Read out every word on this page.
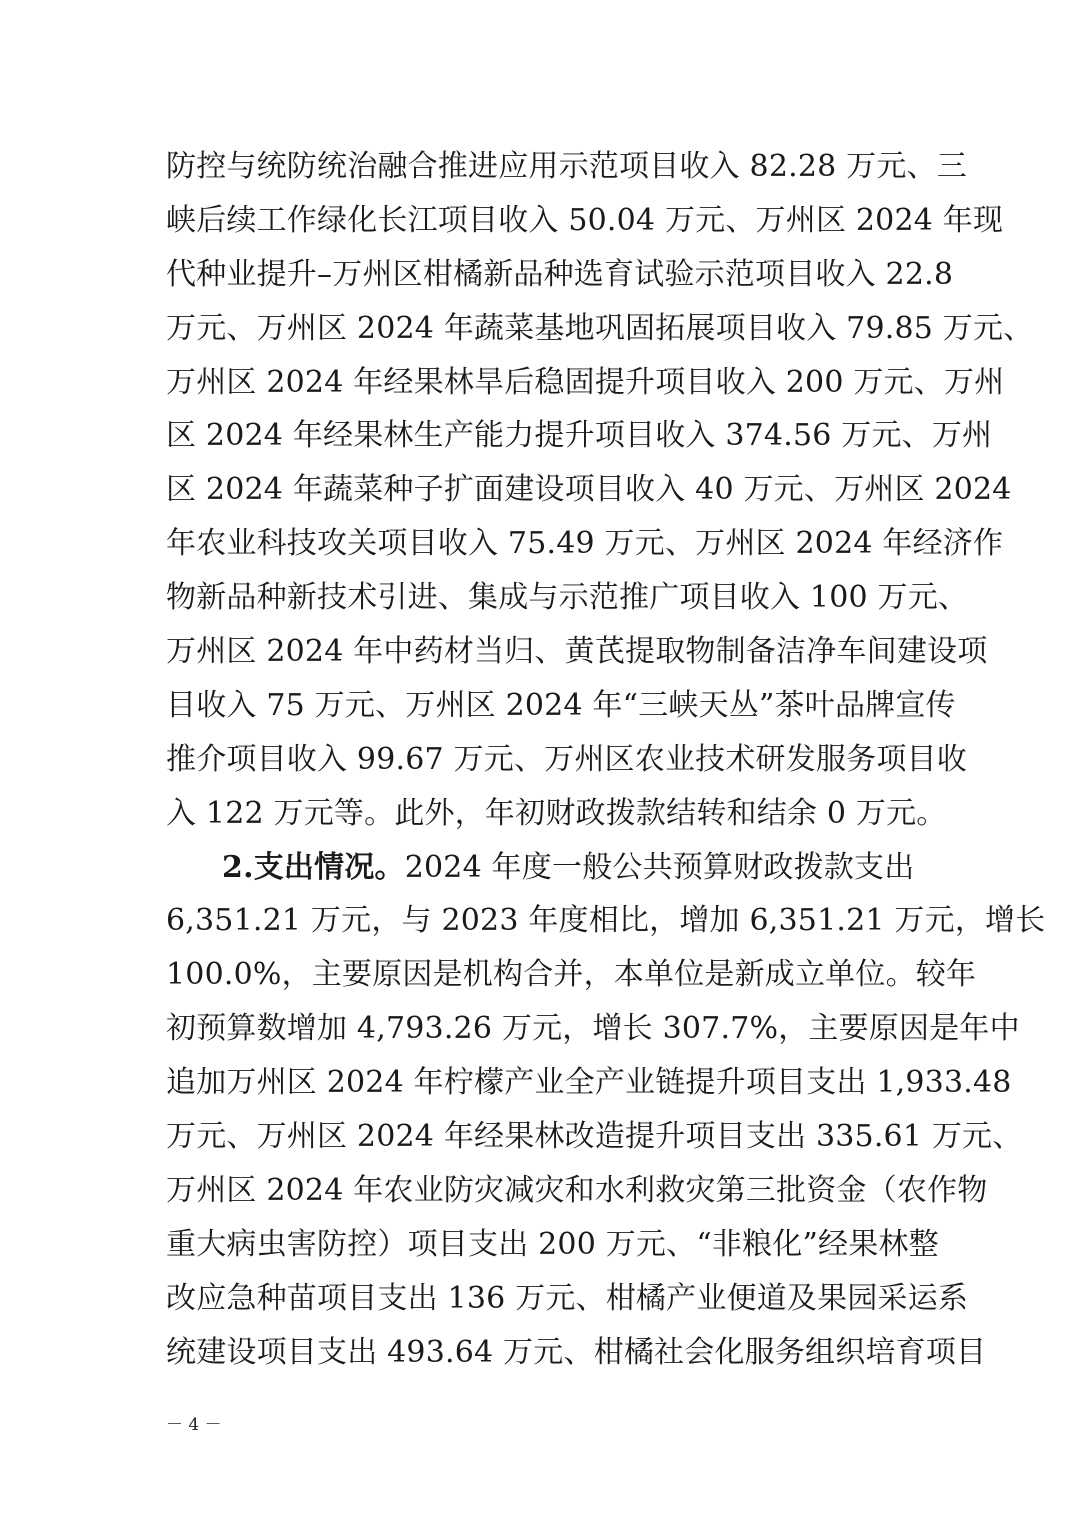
防控与统防统治融合推进应用示范项目收入 82.28 万元、三
峡后续工作绿化长江项目收入 50.04 万元、万州区 2024 年现
代种业提升–万州区柑橘新品种选育试验示范项目收入 22.8
万元、万州区 2024 年蔬菜基地巩固拓展项目收入 79.85 万元、
万州区 2024 年经果林旱后稳固提升项目收入 200 万元、万州
区 2024 年经果林生产能力提升项目收入 374.56 万元、万州
区 2024 年蔬菜种子扩面建设项目收入 40 万元、万州区 2024
年农业科技攻关项目收入 75.49 万元、万州区 2024 年经济作
物新品种新技术引进、集成与示范推广项目收入 100 万元、
万州区 2024 年中药材当归、黄芪提取物制备洁净车间建设项
目收入 75 万元、万州区 2024 年“三峡天丛”茶叶品牌宣传
推介项目收入 99.67 万元、万州区农业技术研发服务项目收
入 122 万元等。此外，年初财政拨款结转和结余 0 万元。
2.支出情况。2024 年度一般公共预算财政拨款支出
6,351.21 万元，与 2023 年度相比，增加 6,351.21 万元，增长
100.0%，主要原因是机构合并，本单位是新成立单位。较年
初预算数增加 4,793.26 万元，增长 307.7%，主要原因是年中
追加万州区 2024 年柠檬产业全产业链提升项目支出 1,933.48
万元、万州区 2024 年经果林改造提升项目支出 335.61 万元、
万州区 2024 年农业防灾减灾和水利救灾第三批资金（农作物
重大病虫害防控）项目支出 200 万元、“非粮化”经果林整
改应急种苗项目支出 136 万元、柑橘产业便道及果园采运系
统建设项目支出 493.64 万元、柑橘社会化服务组织培育项目
－ 4 －
